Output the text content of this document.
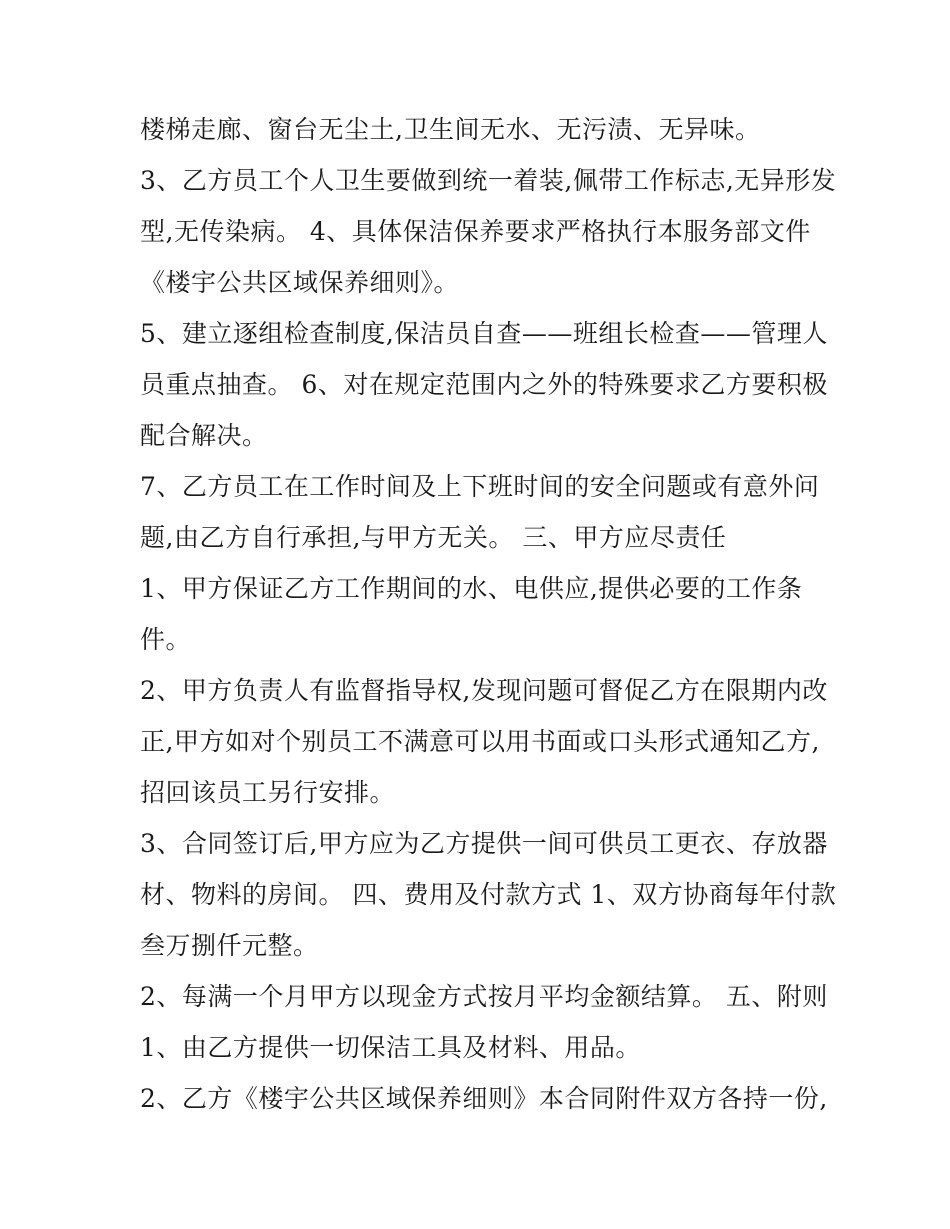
楼梯走廊、窗台无尘土,卫生间无水、无污渍、无异味。
3、乙方员工个人卫生要做到统一着装,佩带工作标志,无异形发
型,无传染病。 4、具体保洁保养要求严格执行本服务部文件
《楼宇公共区域保养细则》。
5、建立逐组检查制度,保洁员自查——班组长检查——管理人
员重点抽查。 6、对在规定范围内之外的特殊要求乙方要积极
配合解决。
7、乙方员工在工作时间及上下班时间的安全问题或有意外问
题,由乙方自行承担,与甲方无关。 三、甲方应尽责任
1、甲方保证乙方工作期间的水、电供应,提供必要的工作条
件。
2、甲方负责人有监督指导权,发现问题可督促乙方在限期内改
正,甲方如对个别员工不满意可以用书面或口头形式通知乙方,
招回该员工另行安排。
3、合同签订后,甲方应为乙方提供一间可供员工更衣、存放器
材、物料的房间。 四、费用及付款方式 1、双方协商每年付款
叁万捌仟元整。
2、每满一个月甲方以现金方式按月平均金额结算。 五、附则
1、由乙方提供一切保洁工具及材料、用品。
2、乙方《楼宇公共区域保养细则》本合同附件双方各持一份,
